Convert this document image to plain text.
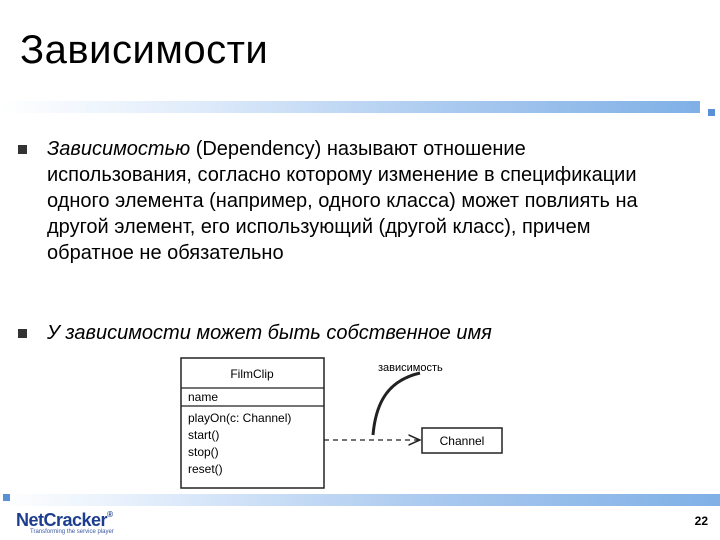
Зависимости
Зависимостью (Dependency) называют отношение использования, согласно которому изменение в спецификации одного элемента (например, одного класса) может повлиять на другой элемент, его использующий (другой класс), причем обратное не обязательно
У зависимости может быть собственное имя
FilmClip
name
playOn(c: Channel)
start()
stop()
reset()
Channel
зависимость
NetCracker®
Transforming the service player
22
